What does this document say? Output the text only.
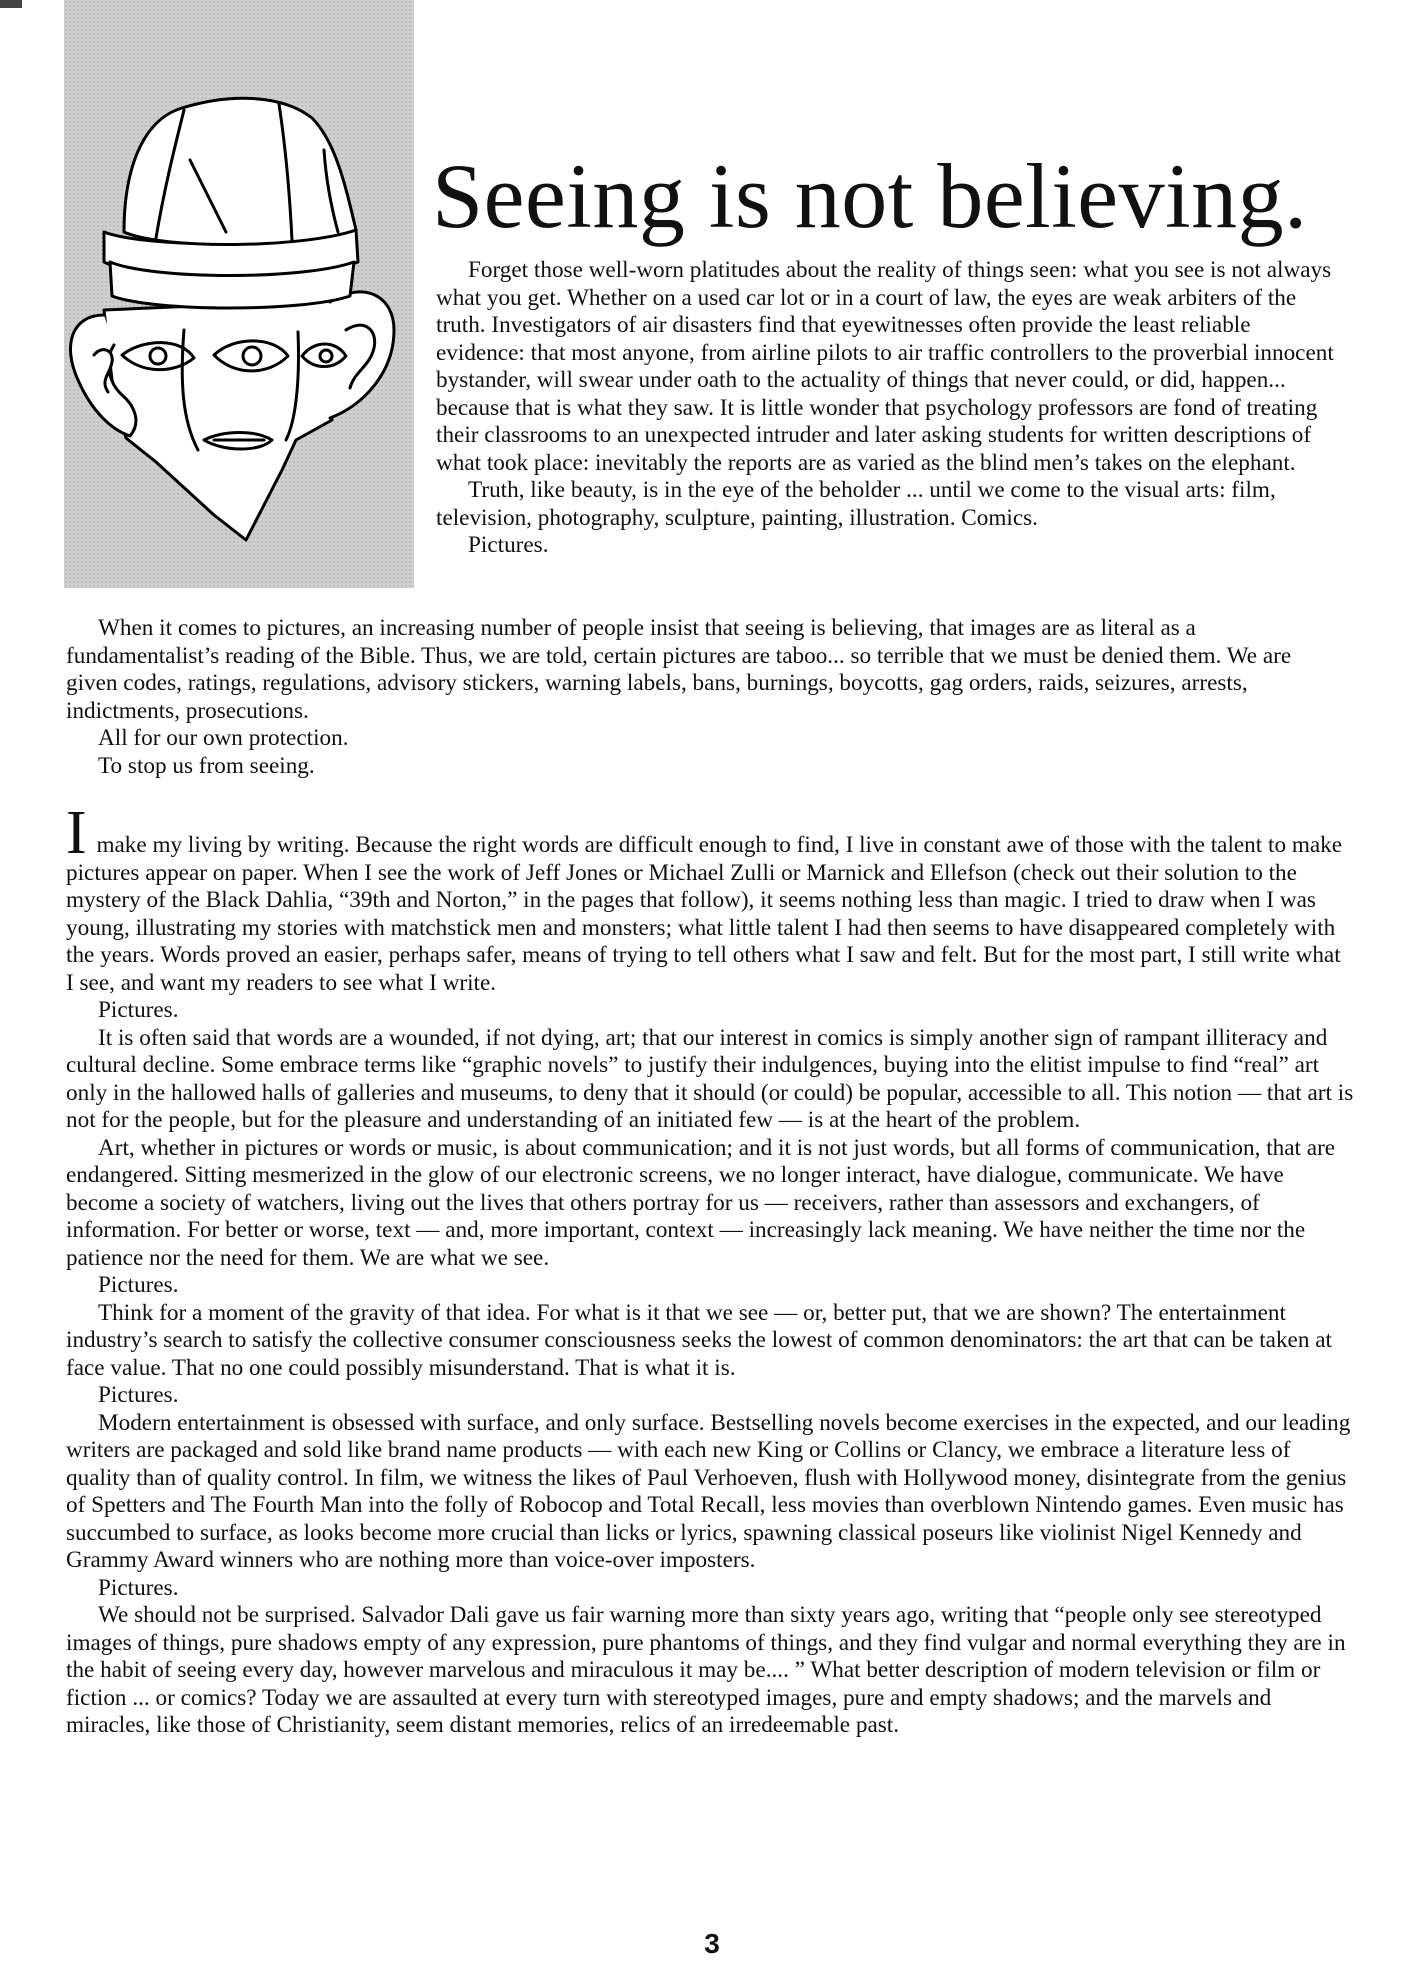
Seeing is not believing.

Forget those well-worn platitudes about the reality of things seen: what you see is not always what you get. Whether on a used car lot or in a court of law, the eyes are weak arbiters of the truth. Investigators of air disasters find that eyewitnesses often provide the least reliable evidence: that most anyone, from airline pilots to air traffic controllers to the proverbial innocent bystander, will swear under oath to the actuality of things that never could, or did, happen... because that is what they saw. It is little wonder that psychology professors are fond of treating their classrooms to an unexpected intruder and later asking students for written descriptions of what took place: inevitably the reports are as varied as the blind men’s takes on the elephant.

Truth, like beauty, is in the eye of the beholder ... until we come to the visual arts: film, television, photography, sculpture, painting, illustration. Comics.

Pictures.

When it comes to pictures, an increasing number of people insist that seeing is believing, that images are as literal as a fundamentalist’s reading of the Bible. Thus, we are told, certain pictures are taboo... so terrible that we must be denied them. We are given codes, ratings, regulations, advisory stickers, warning labels, bans, burnings, boycotts, gag orders, raids, seizures, arrests, indictments, prosecutions.

All for our own protection.

To stop us from seeing.

I make my living by writing. Because the right words are difficult enough to find, I live in constant awe of those with the talent to make pictures appear on paper. When I see the work of Jeff Jones or Michael Zulli or Marnick and Ellefson (check out their solution to the mystery of the Black Dahlia, “39th and Norton,” in the pages that follow), it seems nothing less than magic. I tried to draw when I was young, illustrating my stories with matchstick men and monsters; what little talent I had then seems to have disappeared completely with the years. Words proved an easier, perhaps safer, means of trying to tell others what I saw and felt. But for the most part, I still write what I see, and want my readers to see what I write.

Pictures.

It is often said that words are a wounded, if not dying, art; that our interest in comics is simply another sign of rampant illiteracy and cultural decline. Some embrace terms like “graphic novels” to justify their indulgences, buying into the elitist impulse to find “real” art only in the hallowed halls of galleries and museums, to deny that it should (or could) be popular, accessible to all. This notion — that art is not for the people, but for the pleasure and understanding of an initiated few — is at the heart of the problem.

Art, whether in pictures or words or music, is about communication; and it is not just words, but all forms of communication, that are endangered. Sitting mesmerized in the glow of our electronic screens, we no longer interact, have dialogue, communicate. We have become a society of watchers, living out the lives that others portray for us — receivers, rather than assessors and exchangers, of information. For better or worse, text — and, more important, context — increasingly lack meaning. We have neither the time nor the patience nor the need for them. We are what we see.

Pictures.

Think for a moment of the gravity of that idea. For what is it that we see — or, better put, that we are shown? The entertainment industry’s search to satisfy the collective consumer consciousness seeks the lowest of common denominators: the art that can be taken at face value. That no one could possibly misunderstand. That is what it is.

Pictures.

Modern entertainment is obsessed with surface, and only surface. Bestselling novels become exercises in the expected, and our leading writers are packaged and sold like brand name products — with each new King or Collins or Clancy, we embrace a literature less of quality than of quality control. In film, we witness the likes of Paul Verhoeven, flush with Hollywood money, disintegrate from the genius of Spetters and The Fourth Man into the folly of Robocop and Total Recall, less movies than overblown Nintendo games. Even music has succumbed to surface, as looks become more crucial than licks or lyrics, spawning classical poseurs like violinist Nigel Kennedy and Grammy Award winners who are nothing more than voice-over imposters.

Pictures.

We should not be surprised. Salvador Dali gave us fair warning more than sixty years ago, writing that “people only see stereotyped images of things, pure shadows empty of any expression, pure phantoms of things, and they find vulgar and normal everything they are in the habit of seeing every day, however marvelous and miraculous it may be.... ” What better description of modern television or film or fiction ... or comics? Today we are assaulted at every turn with stereotyped images, pure and empty shadows; and the marvels and miracles, like those of Christianity, seem distant memories, relics of an irredeemable past.

3
